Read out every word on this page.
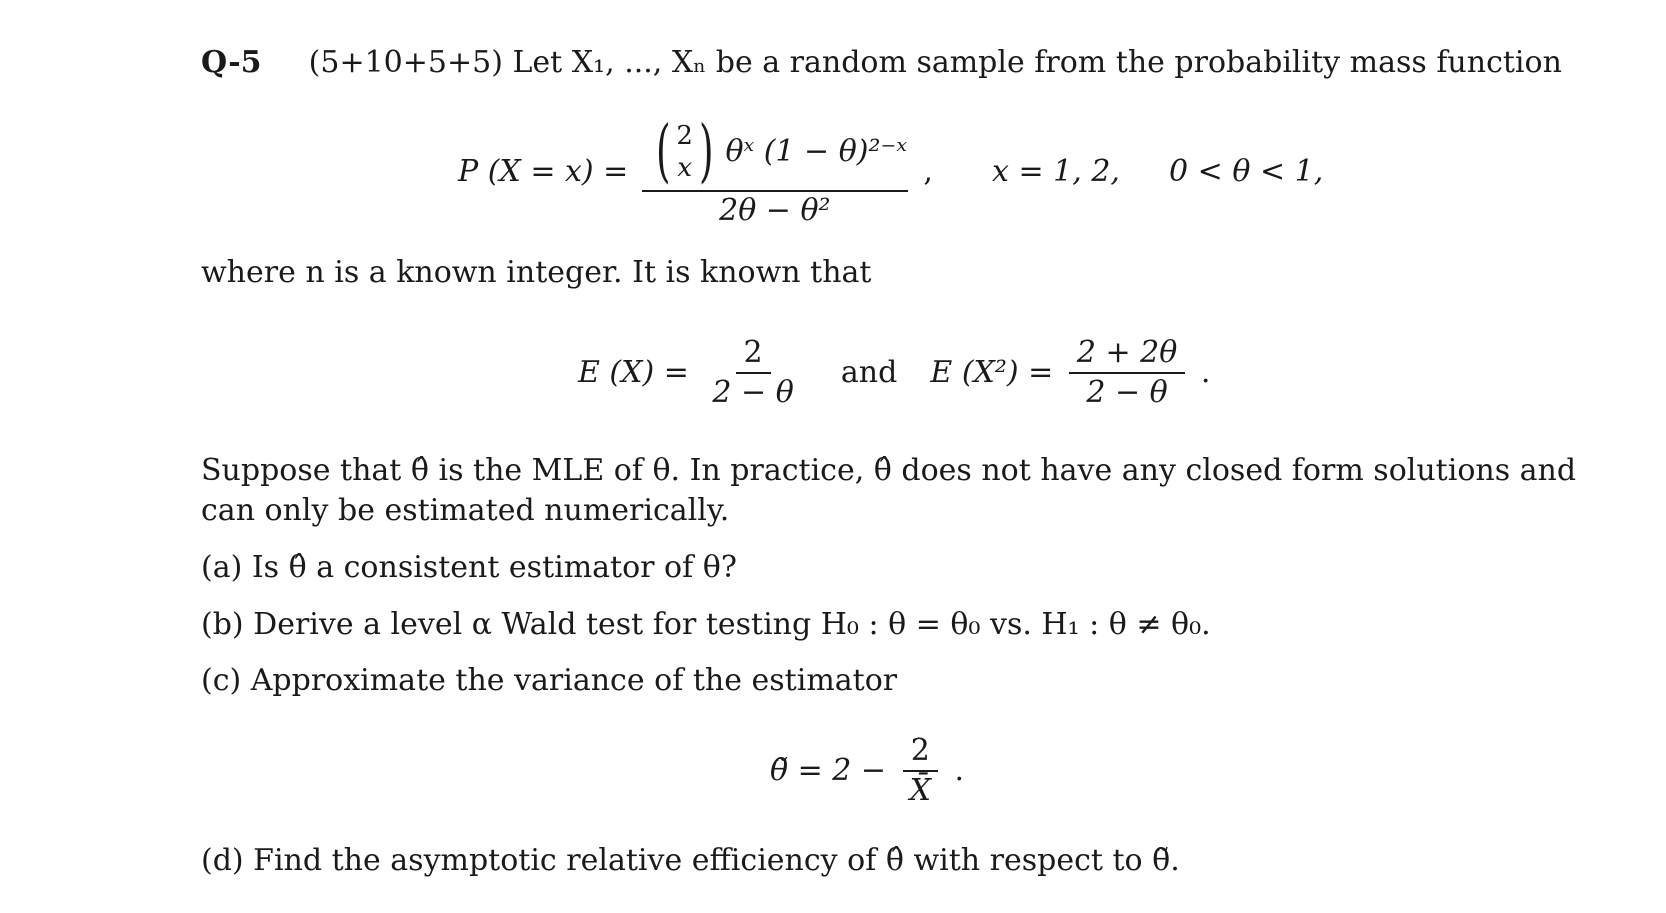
Q-5 (5+10+5+5) Let X₁, ..., Xₙ be a random sample from the probability mass function
P (X = x) = ( 2
x ) θˣ (1 − θ)²⁻ˣ
2θ − θ²
, x = 1, 2, 0 < θ < 1,
where n is a known integer. It is known that
E $(X) = \frac{2}{2 - \theta}$ and E $(X^2) = \frac{2 + 2\theta}{2 - \theta}$ .
Suppose that θ̂ is the MLE of θ. In practice, θ̂ does not have any closed form solutions and
can only be estimated numerically.
(a) Is θ̂ a consistent estimator of θ?
(b) Derive a level α Wald test for testing H₀ : θ = θ₀ vs. H₁ : θ ≠ θ₀.
(c) Approximate the variance of the estimator
θ̃ = $2 - \frac{2}{X̄}$ .
(d) Find the asymptotic relative efficiency of θ̂ with respect to θ̃.
